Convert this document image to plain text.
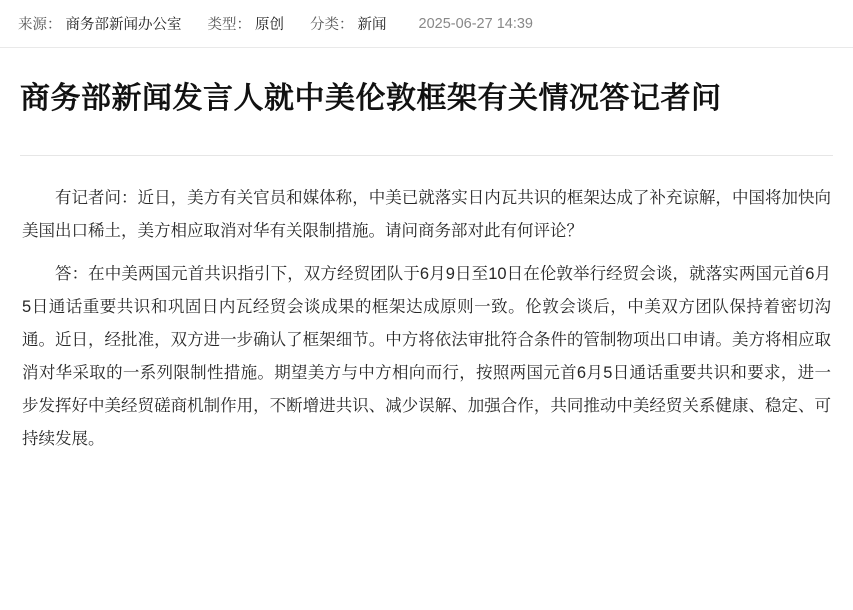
来源： 商务部新闻办公室 类型： 原创 分类： 新闻 2025-06-27 14:39
商务部新闻发言人就中美伦敦框架有关情况答记者问

有记者问：近日，美方有关官员和媒体称，中美已就落实日内瓦共识的框架达成了补充谅解，中国将加快向美国出口稀土，美方相应取消对华有关限制措施。请问商务部对此有何评论？

答：在中美两国元首共识指引下，双方经贸团队于6月9日至10日在伦敦举行经贸会谈，就落实两国元首6月5日通话重要共识和巩固日内瓦经贸会谈成果的框架达成原则一致。伦敦会谈后，中美双方团队保持着密切沟通。近日，经批准，双方进一步确认了框架细节。中方将依法审批符合条件的管制物项出口申请。美方将相应取消对华采取的一系列限制性措施。期望美方与中方相向而行，按照两国元首6月5日通话重要共识和要求，进一步发挥好中美经贸磋商机制作用，不断增进共识、减少误解、加强合作，共同推动中美经贸关系健康、稳定、可持续发展。
